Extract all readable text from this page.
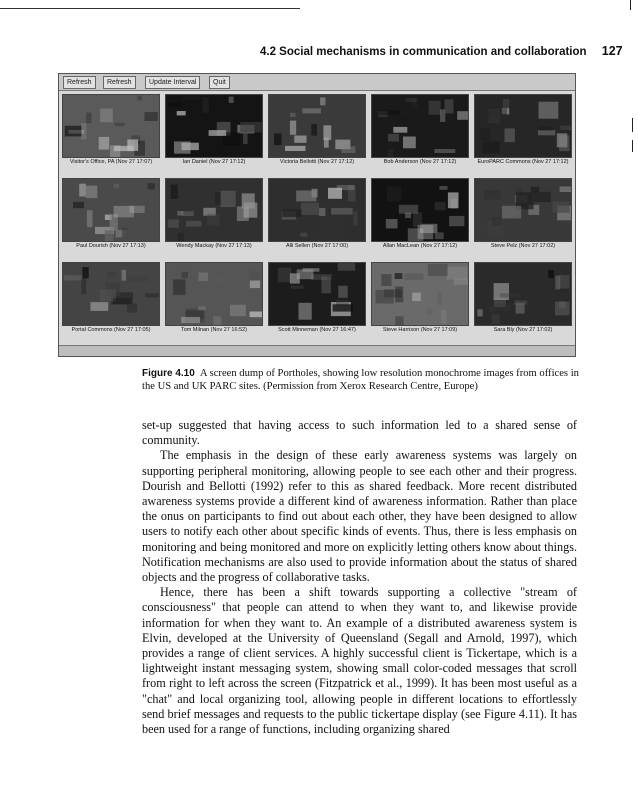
4.2 Social mechanisms in communication and collaboration 127
Refresh	Refresh	Update Interval	Quit
Visitor's Office, PA (Nov 27 17:07)	Ian Daniel (Nov 27 17:12)	Victoria Bellotti (Nov 27 17:12)	Bob Anderson (Nov 27 17:12)	EuroPARC Commons (Nov 27 17:12)
Paul Dourish (Nov 27 17:13)	Wendy Mackay (Nov 27 17:13)	Alli Sellen (Nov 27 17:00)	Allan MacLean (Nov 27 17:12)	Steve Pelz (Nov 27 17:02)
Portal Commons (Nov 27 17:05)	Tom Milnan (Nov 27 16:52)	Scott Minneman (Nov 27 16:47)	Steve Harrison (Nov 27 17:09)	Sara Bly (Nov 27 17:02)
Figure 4.10 A screen dump of Portholes, showing low resolution monochrome images from offices in the US and UK PARC sites. (Permission from Xerox Research Centre, Europe)

set-up suggested that having access to such information led to a shared sense of community.

The emphasis in the design of these early awareness systems was largely on supporting peripheral monitoring, allowing people to see each other and their progress. Dourish and Bellotti (1992) refer to this as shared feedback. More recent distributed awareness systems provide a different kind of awareness information. Rather than place the onus on participants to find out about each other, they have been designed to allow users to notify each other about specific kinds of events. Thus, there is less emphasis on monitoring and being monitored and more on explicitly letting others know about things. Notification mechanisms are also used to provide information about the status of shared objects and the progress of collaborative tasks.

Hence, there has been a shift towards supporting a collective "stream of consciousness" that people can attend to when they want to, and likewise provide information for when they want to. An example of a distributed awareness system is Elvin, developed at the University of Queensland (Segall and Arnold, 1997), which provides a range of client services. A highly successful client is Tickertape, which is a lightweight instant messaging system, showing small color-coded messages that scroll from right to left across the screen (Fitzpatrick et al., 1999). It has been most useful as a "chat" and local organizing tool, allowing people in different locations to effortlessly send brief messages and requests to the public tickertape display (see Figure 4.11). It has been used for a range of functions, including organizing shared
